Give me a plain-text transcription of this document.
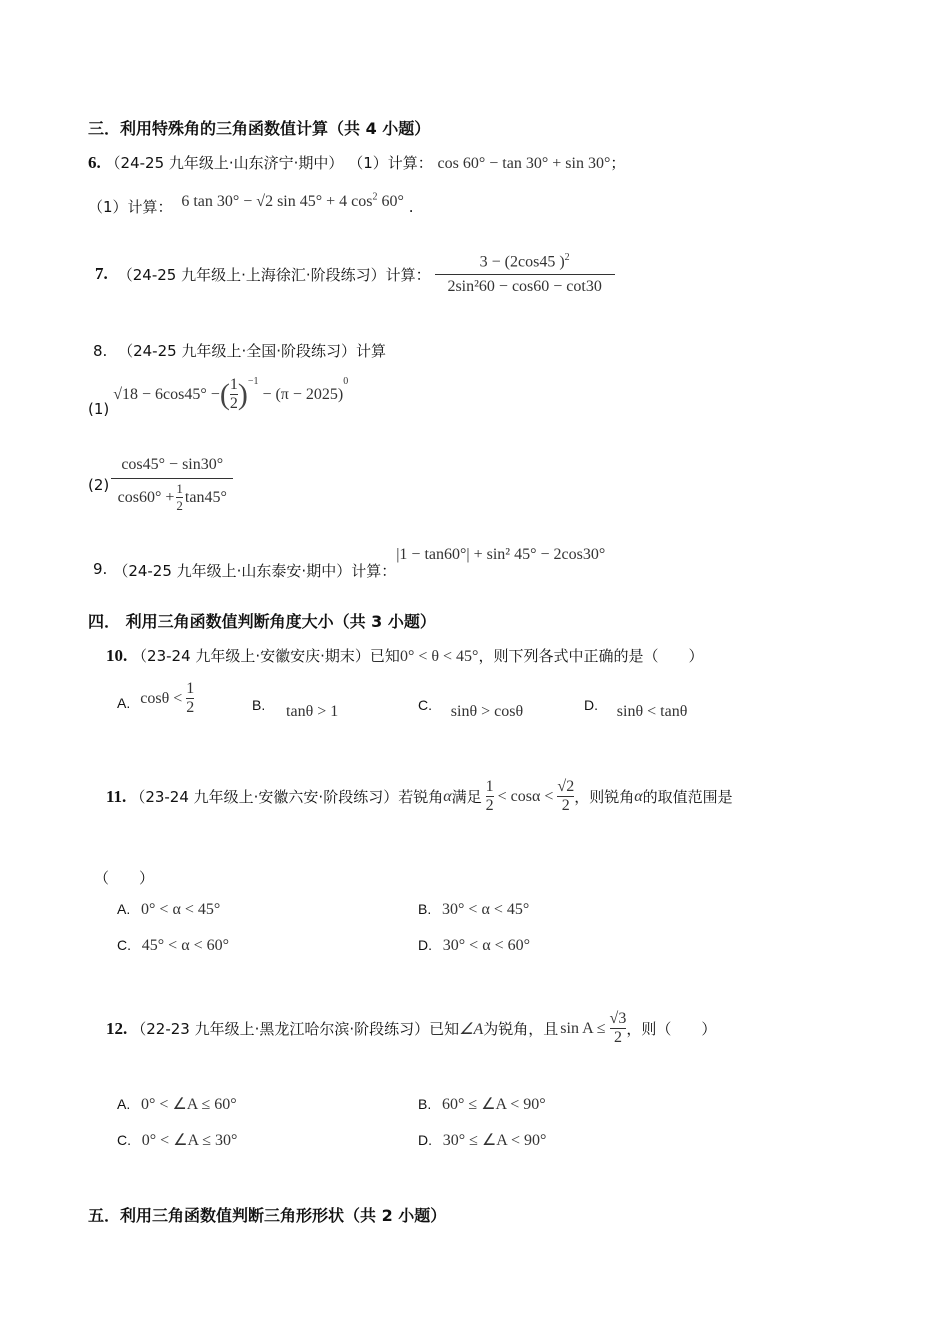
三．利用特殊角的三角函数值计算（共 4 小题）
6. （24-25 九年级上·山东济宁·期中） （1）计算： cos 60° − tan 30° + sin 30°；
（1）计算： 6 tan 30° − √2 sin 45° + 4 $\cos^2 60^\circ$ .
7. （24-25 九年级上·上海徐汇·阶段练习）计算： $\frac{3 - (2\cos 45 )^2}{\text{2sin²60 − cos60 − cot30}}$
8. （24-25 九年级上·全国·阶段练习）计算
(1)
√18 − 6cos45° − ( $\frac{1}{2}$ ) −1
− (π − 2025)
0
$(2) \frac{\cos 45^\circ - \sin 30^\circ}{\cos 60^\circ + \frac{1}{2} \tan 45^\circ}$
9. （24-25 九年级上·山东泰安·期中）计算：
|1 − tan60°| + sin² 45° − 2cos30°
四． 利用三角函数值判断角度大小（共 3 小题）
10. （23-24 九年级上·安徽安庆·期末）已知0° < θ < 45°，则下列各式中正确的是（　　）
A. $\cos\theta < \frac{1}{2}$	B. tanθ > 1	C. sinθ > cosθ	D. sinθ < tanθ
11. （23-24 九年级上·安徽六安·阶段练习）若锐角 α 满足 $\frac{1}{2} < \cos\alpha < \frac{√2}{2}$ ，则锐角 α 的取值范围是
（　　）
A. 0° < α < 45°	B. 30° < α < 45°
C. 45° < α < 60°	D. 30° < α < 60°
12. （22-23 九年级上·黑龙江哈尔滨·阶段练习）已知 ∠A 为锐角，且 $\sin A \le \frac{√3}{2}$ ，则（　　）
A. 0° < ∠A ≤ 60°	B. 60° ≤ ∠A < 90°
C. 0° < ∠A ≤ 30°	D. 30° ≤ ∠A < 90°
五．利用三角函数值判断三角形形状（共 2 小题）
